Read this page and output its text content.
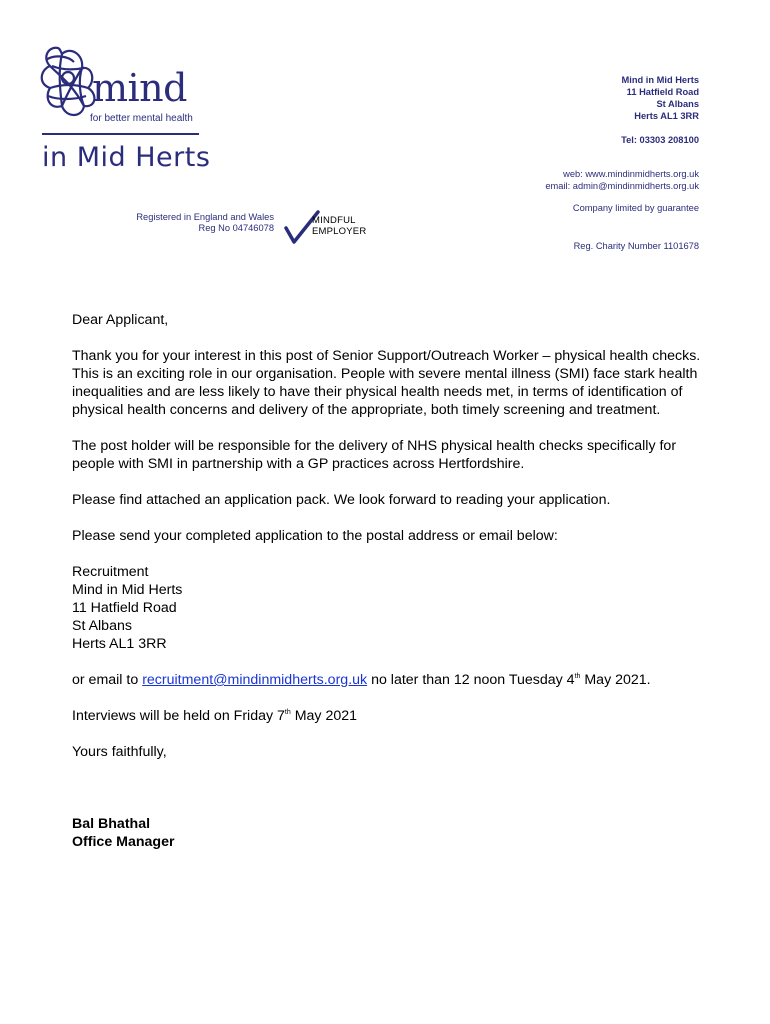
mind
for better mental health
in Mid Herts
Mind in Mid Herts
11 Hatfield Road
St Albans
Herts AL1 3RR
Tel: 03303 208100
web: www.mindinmidherts.org.uk
email: admin@mindinmidherts.org.uk
Company limited by guarantee
Reg. Charity Number 1101678
Registered in England and Wales
Reg No 04746078
MINDFUL
EMPLOYER

Dear Applicant,

Thank you for your interest in this post of Senior Support/Outreach Worker – physical health checks. This is an exciting role in our organisation. People with severe mental illness (SMI) face stark health inequalities and are less likely to have their physical health needs met, in terms of identification of physical health concerns and delivery of the appropriate, both timely screening and treatment.

The post holder will be responsible for the delivery of NHS physical health checks specifically for people with SMI in partnership with a GP practices across Hertfordshire.

Please find attached an application pack. We look forward to reading your application.

Please send your completed application to the postal address or email below:

Recruitment
Mind in Mid Herts
11 Hatfield Road
St Albans
Herts AL1 3RR

or email to recruitment@mindinmidherts.org.uk no later than 12 noon Tuesday 4th May 2021.

Interviews will be held on Friday 7th May 2021

Yours faithfully,

Bal Bhathal
Office Manager
